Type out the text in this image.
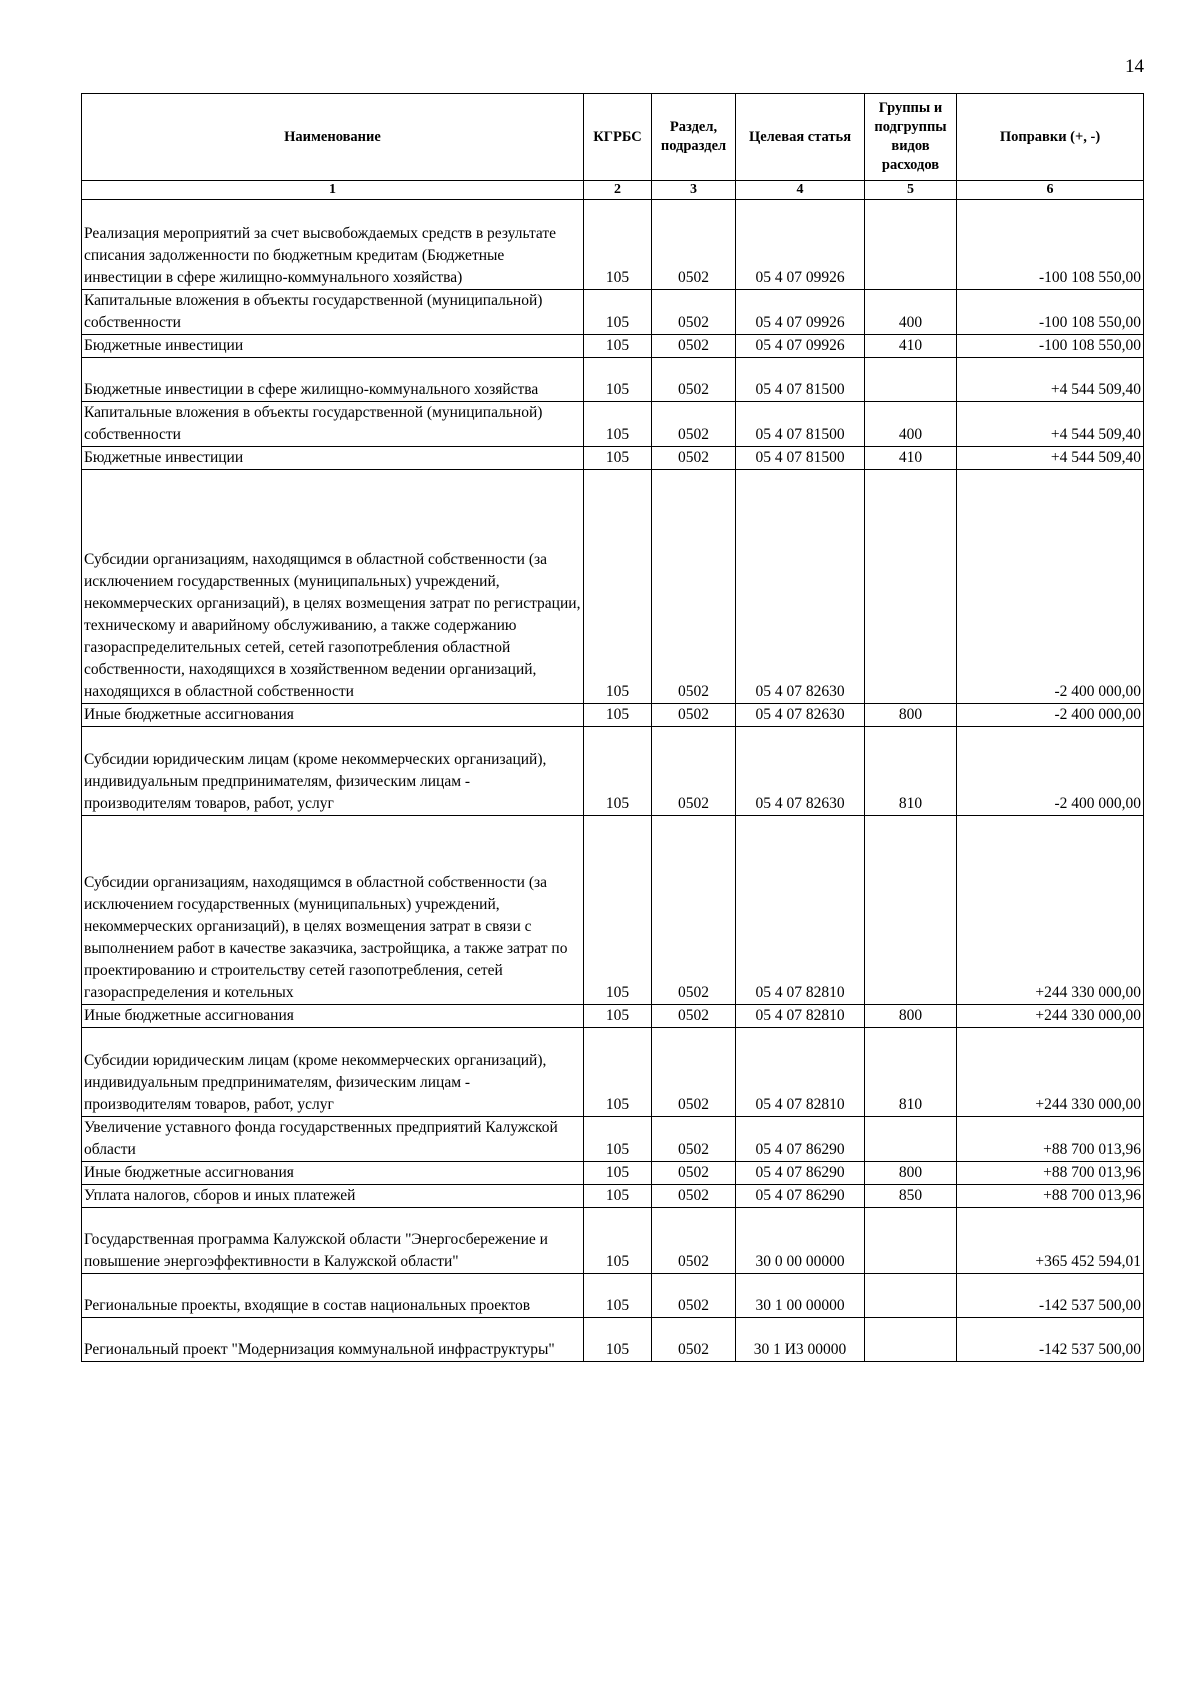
14
Наименование	КГРБС	Раздел, подраздел	Целевая статья	Группы и подгруппы видов расходов	Поправки (+, -)
1	2	3	4	5	6
Реализация мероприятий за счет высвобождаемых средств в результате списания задолженности по бюджетным кредитам (Бюджетные инвестиции в сфере жилищно-коммунального хозяйства)	105	0502	05 4 07 09926		-100 108 550,00
Капитальные вложения в объекты государственной (муниципальной) собственности	105	0502	05 4 07 09926	400	-100 108 550,00
Бюджетные инвестиции	105	0502	05 4 07 09926	410	-100 108 550,00
Бюджетные инвестиции в сфере жилищно-коммунального хозяйства	105	0502	05 4 07 81500		+4 544 509,40
Капитальные вложения в объекты государственной (муниципальной) собственности	105	0502	05 4 07 81500	400	+4 544 509,40
Бюджетные инвестиции	105	0502	05 4 07 81500	410	+4 544 509,40
Субсидии организациям, находящимся в областной собственности (за исключением государственных (муниципальных) учреждений, некоммерческих организаций), в целях возмещения затрат по регистрации, техническому и аварийному обслуживанию, а также содержанию газораспределительных сетей, сетей газопотребления областной собственности, находящихся в хозяйственном ведении организаций, находящихся в областной собственности	105	0502	05 4 07 82630		-2 400 000,00
Иные бюджетные ассигнования	105	0502	05 4 07 82630	800	-2 400 000,00
Субсидии юридическим лицам (кроме некоммерческих организаций), индивидуальным предпринимателям, физическим лицам - производителям товаров, работ, услуг	105	0502	05 4 07 82630	810	-2 400 000,00
Субсидии организациям, находящимся в областной собственности (за исключением государственных (муниципальных) учреждений, некоммерческих организаций), в целях возмещения затрат в связи с выполнением работ в качестве заказчика, застройщика, а также затрат по проектированию и строительству сетей газопотребления, сетей газораспределения и котельных	105	0502	05 4 07 82810		+244 330 000,00
Иные бюджетные ассигнования	105	0502	05 4 07 82810	800	+244 330 000,00
Субсидии юридическим лицам (кроме некоммерческих организаций), индивидуальным предпринимателям, физическим лицам - производителям товаров, работ, услуг	105	0502	05 4 07 82810	810	+244 330 000,00
Увеличение уставного фонда государственных предприятий Калужской области	105	0502	05 4 07 86290		+88 700 013,96
Иные бюджетные ассигнования	105	0502	05 4 07 86290	800	+88 700 013,96
Уплата налогов, сборов и иных платежей	105	0502	05 4 07 86290	850	+88 700 013,96
Государственная программа Калужской области "Энергосбережение и повышение энергоэффективности в Калужской области"	105	0502	30 0 00 00000		+365 452 594,01
Региональные проекты, входящие в состав национальных проектов	105	0502	30 1 00 00000		-142 537 500,00
Региональный проект "Модернизация коммунальной инфраструктуры"	105	0502	30 1 И3 00000		-142 537 500,00
